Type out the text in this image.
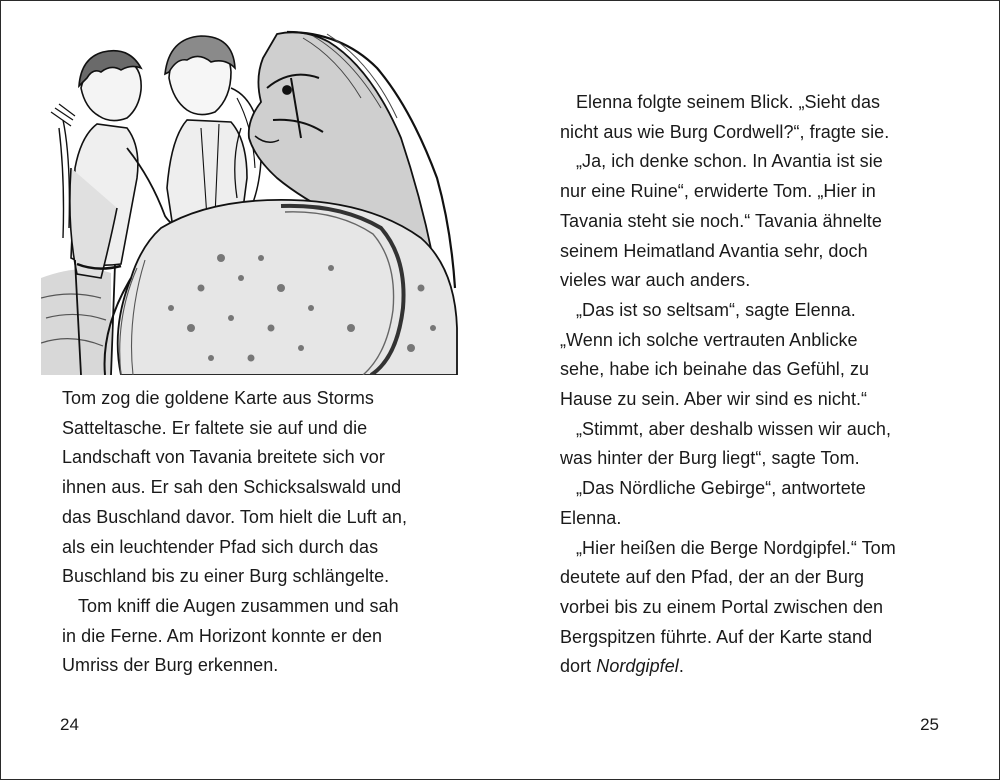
Tom zog die goldene Karte aus Storms
Satteltasche. Er faltete sie auf und die
Landschaft von Tavania breitete sich vor
ihnen aus. Er sah den Schicksalswald und
das Buschland davor. Tom hielt die Luft an,
als ein leuchtender Pfad sich durch das
Buschland bis zu einer Burg schlängelte.
Tom kniff die Augen zusammen und sah
in die Ferne. Am Horizont konnte er den
Umriss der Burg erkennen.
24
Elenna folgte seinem Blick. „Sieht das
nicht aus wie Burg Cordwell?“, fragte sie.
„Ja, ich denke schon. In Avantia ist sie
nur eine Ruine“, erwiderte Tom. „Hier in
Tavania steht sie noch.“ Tavania ähnelte
seinem Heimatland Avantia sehr, doch
vieles war auch anders.
„Das ist so seltsam“, sagte Elenna.
„Wenn ich solche vertrauten Anblicke
sehe, habe ich beinahe das Gefühl, zu
Hause zu sein. Aber wir sind es nicht.“
„Stimmt, aber deshalb wissen wir auch,
was hinter der Burg liegt“, sagte Tom.
„Das Nördliche Gebirge“, antwortete
Elenna.
„Hier heißen die Berge Nordgipfel.“ Tom
deutete auf den Pfad, der an der Burg
vorbei bis zu einem Portal zwischen den
Bergspitzen führte. Auf der Karte stand
dort Nordgipfel.
25
